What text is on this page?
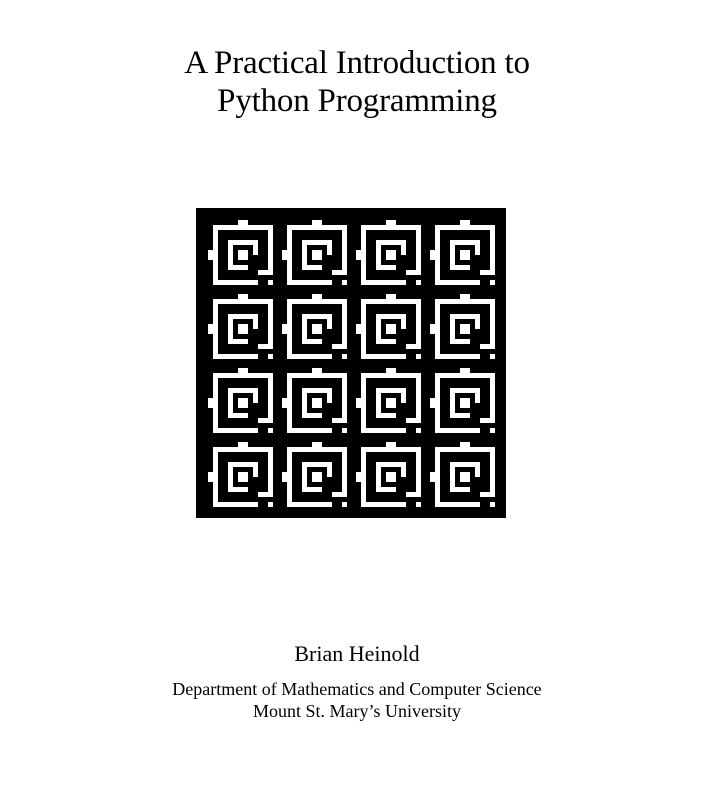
A Practical Introduction to
Python Programming
Brian Heinold
Department of Mathematics and Computer Science
Mount St. Mary’s University
